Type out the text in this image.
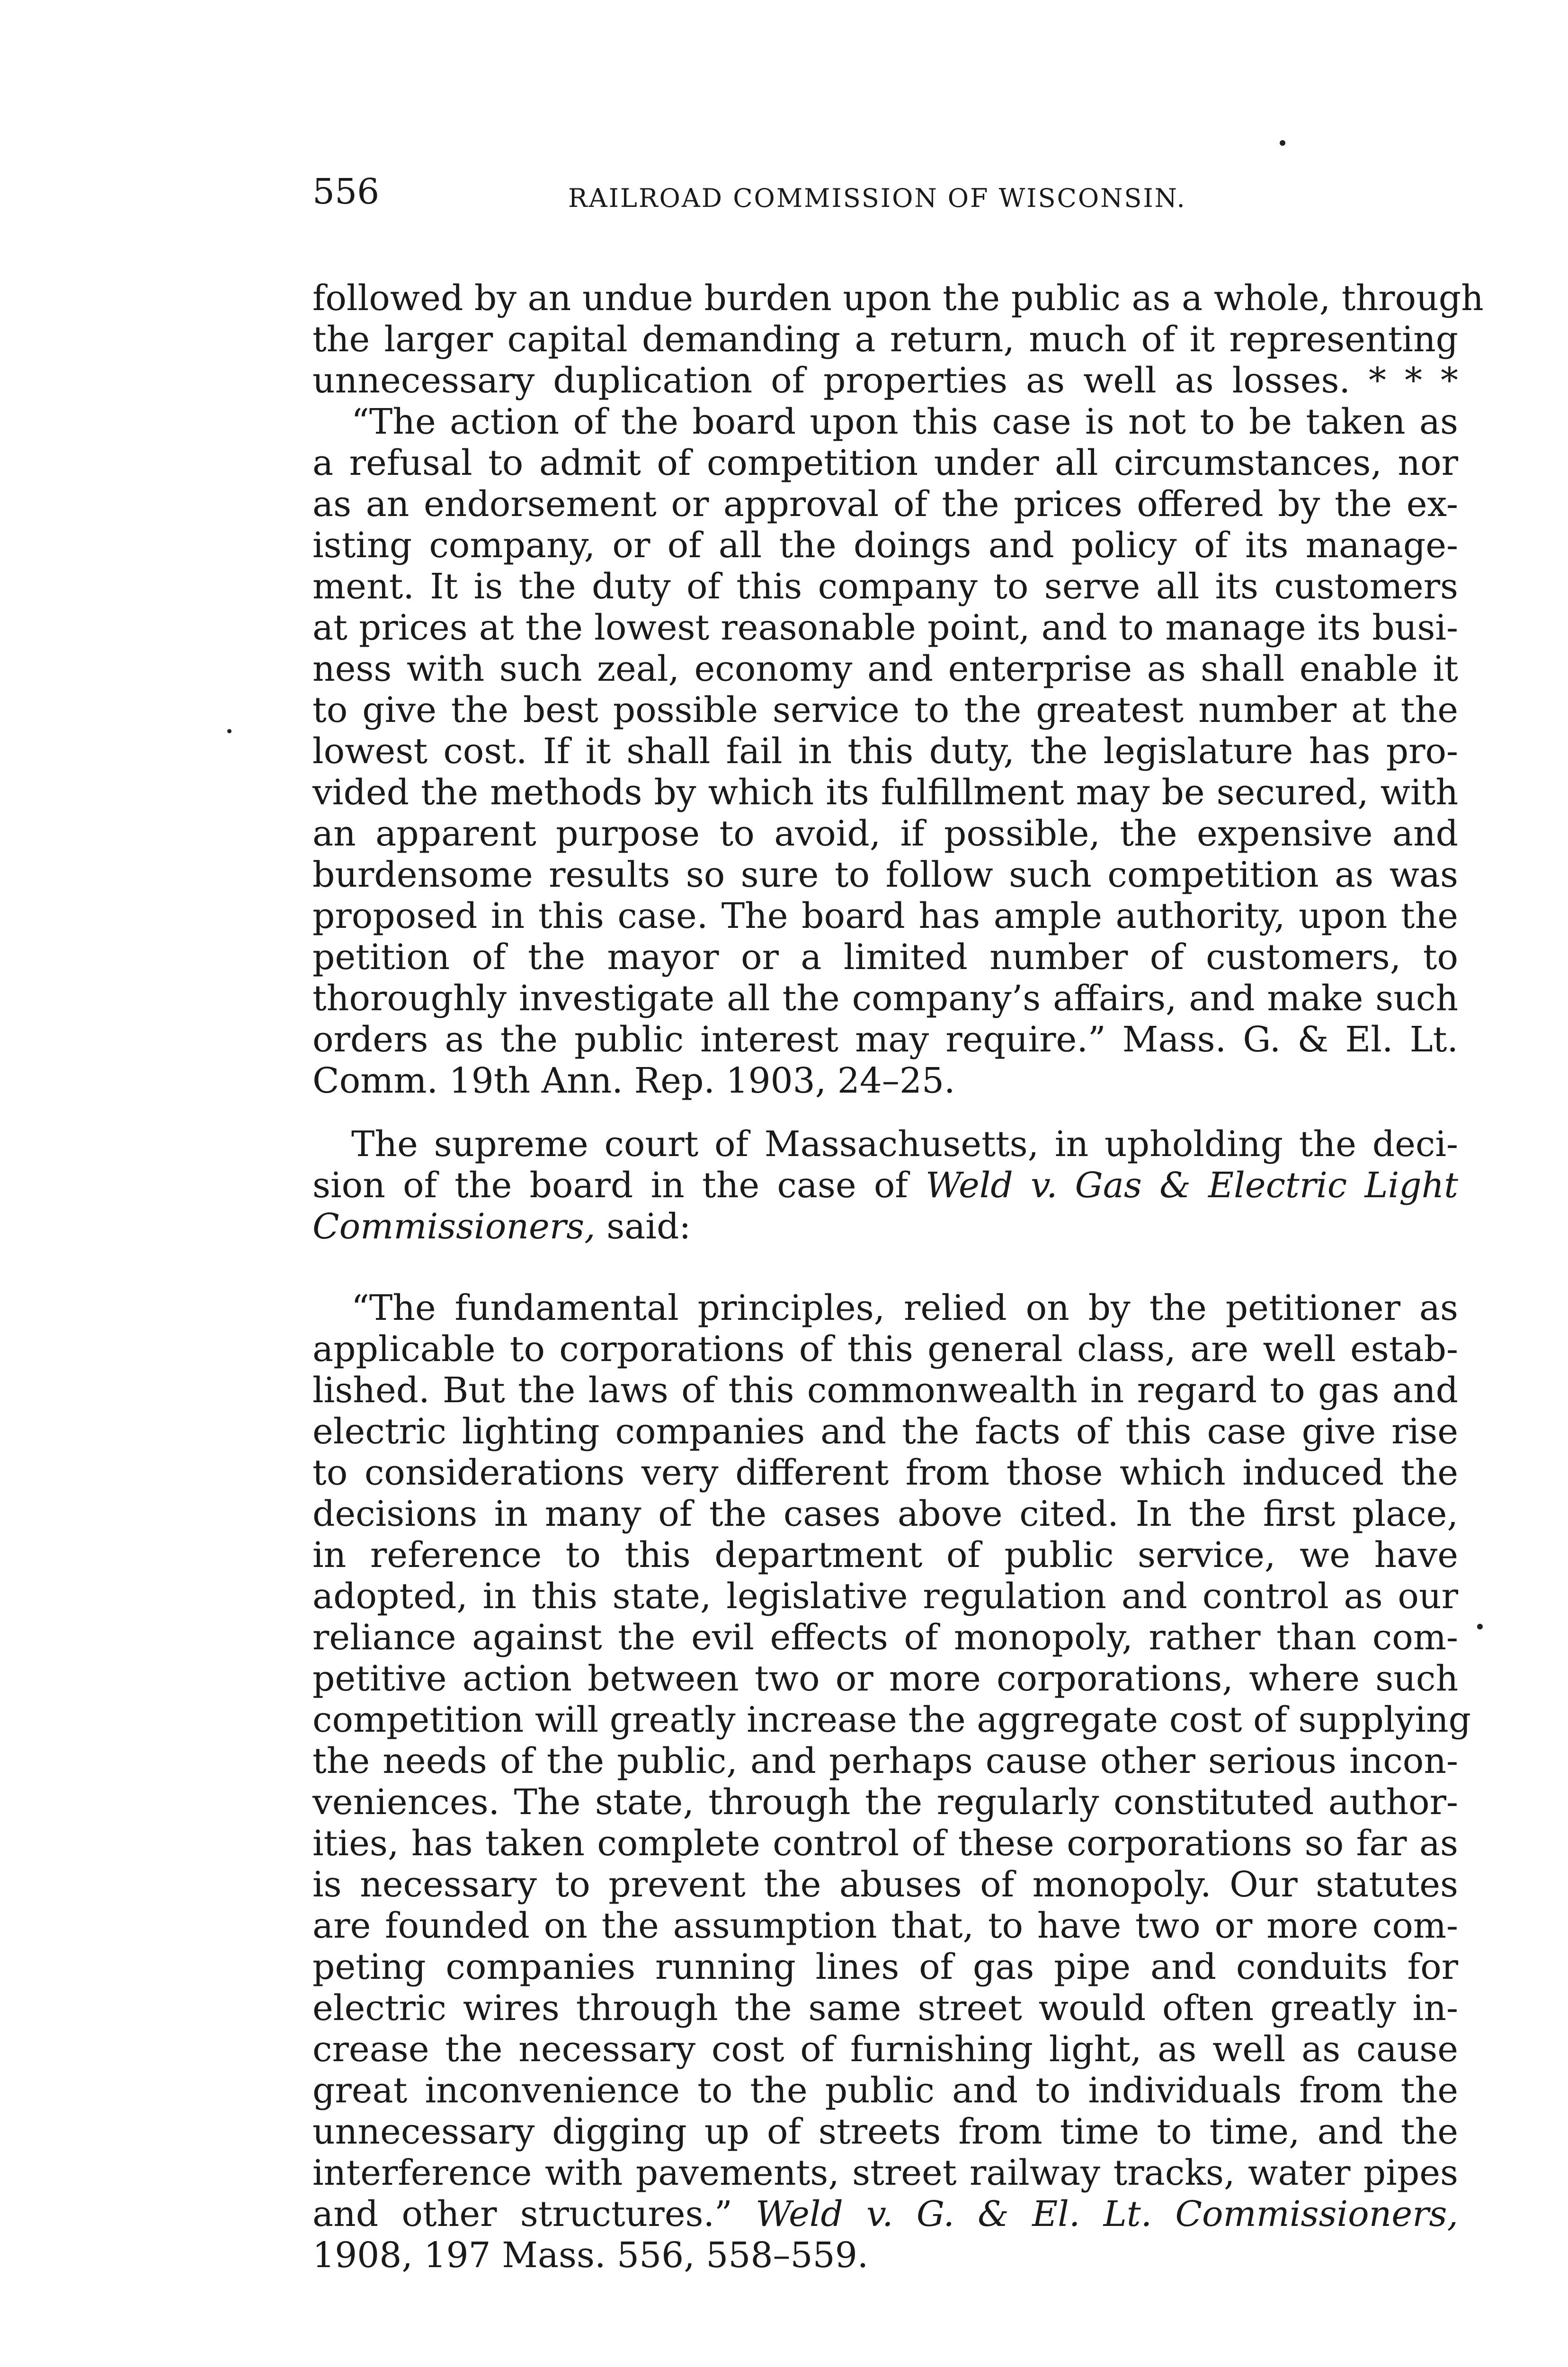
556	RAILROAD COMMISSION OF WISCONSIN.
followed by an undue burden upon the public as a whole, through
the larger capital demanding a return, much of it representing
unnecessary duplication of properties as well as losses. * * *
“The action of the board upon this case is not to be taken as
a refusal to admit of competition under all circumstances, nor
as an endorsement or approval of the prices offered by the ex-
isting company, or of all the doings and policy of its manage-
ment. It is the duty of this company to serve all its customers
at prices at the lowest reasonable point, and to manage its busi-
ness with such zeal, economy and enterprise as shall enable it
to give the best possible service to the greatest number at the
lowest cost. If it shall fail in this duty, the legislature has pro-
vided the methods by which its fulfillment may be secured, with
an apparent purpose to avoid, if possible, the expensive and
burdensome results so sure to follow such competition as was
proposed in this case. The board has ample authority, upon the
petition of the mayor or a limited number of customers, to
thoroughly investigate all the company’s affairs, and make such
orders as the public interest may require.” Mass. G. & El. Lt.
Comm. 19th Ann. Rep. 1903, 24–25.
The supreme court of Massachusetts, in upholding the deci-
sion of the board in the case of Weld v. Gas & Electric Light
Commissioners, said:
“The fundamental principles, relied on by the petitioner as
applicable to corporations of this general class, are well estab-
lished. But the laws of this commonwealth in regard to gas and
electric lighting companies and the facts of this case give rise
to considerations very different from those which induced the
decisions in many of the cases above cited. In the first place,
in reference to this department of public service, we have
adopted, in this state, legislative regulation and control as our
reliance against the evil effects of monopoly, rather than com-
petitive action between two or more corporations, where such
competition will greatly increase the aggregate cost of supplying
the needs of the public, and perhaps cause other serious incon-
veniences. The state, through the regularly constituted author-
ities, has taken complete control of these corporations so far as
is necessary to prevent the abuses of monopoly. Our statutes
are founded on the assumption that, to have two or more com-
peting companies running lines of gas pipe and conduits for
electric wires through the same street would often greatly in-
crease the necessary cost of furnishing light, as well as cause
great inconvenience to the public and to individuals from the
unnecessary digging up of streets from time to time, and the
interference with pavements, street railway tracks, water pipes
and other structures.” Weld v. G. & El. Lt. Commissioners,
1908, 197 Mass. 556, 558–559.
